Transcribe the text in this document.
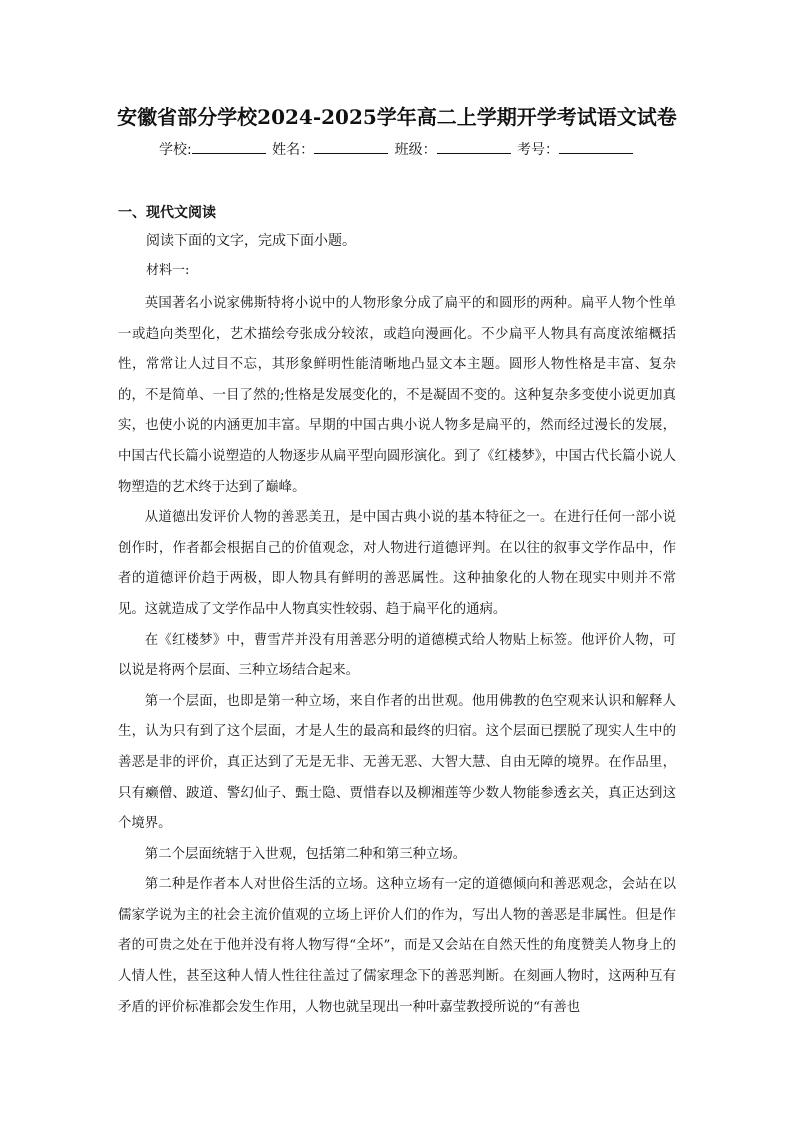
安徽省部分学校2024-2025学年高二上学期开学考试语文试卷
学校:	姓名：	班级：	考号：
一、现代文阅读
阅读下面的文字，完成下面小题。
材料一:

英国著名小说家佛斯特将小说中的人物形象分成了扁平的和圆形的两种。扁平人物个性单一或趋向类型化，艺术描绘夸张成分较浓，或趋向漫画化。不少扁平人物具有高度浓缩概括性，常常让人过目不忘，其形象鲜明性能清晰地凸显文本主题。圆形人物性格是丰富、复杂的，不是简单、一目了然的;性格是发展变化的，不是凝固不变的。这种复杂多变使小说更加真实，也使小说的内涵更加丰富。早期的中国古典小说人物多是扁平的，然而经过漫长的发展，中国古代长篇小说塑造的人物逐步从扁平型向圆形演化。到了《红楼梦》，中国古代长篇小说人物塑造的艺术终于达到了巅峰。

从道德出发评价人物的善恶美丑，是中国古典小说的基本特征之一。在进行任何一部小说创作时，作者都会根据自己的价值观念，对人物进行道德评判。在以往的叙事文学作品中，作者的道德评价趋于两极，即人物具有鲜明的善恶属性。这种抽象化的人物在现实中则并不常见。这就造成了文学作品中人物真实性较弱、趋于扁平化的通病。

在《红楼梦》中，曹雪芹并没有用善恶分明的道德模式给人物贴上标签。他评价人物，可以说是将两个层面、三种立场结合起来。

第一个层面，也即是第一种立场，来自作者的出世观。他用佛教的色空观来认识和解释人生，认为只有到了这个层面，才是人生的最高和最终的归宿。这个层面已摆脱了现实人生中的善恶是非的评价，真正达到了无是无非、无善无恶、大智大慧、自由无障的境界。在作品里，只有癞僧、跛道、警幻仙子、甄士隐、贾惜春以及柳湘莲等少数人物能参透玄关，真正达到这个境界。

第二个层面统辖于入世观，包括第二种和第三种立场。

第二种是作者本人对世俗生活的立场。这种立场有一定的道德倾向和善恶观念，会站在以儒家学说为主的社会主流价值观的立场上评价人们的作为，写出人物的善恶是非属性。但是作者的可贵之处在于他并没有将人物写得“全坏”，而是又会站在自然天性的角度赞美人物身上的人情人性，甚至这种人情人性往往盖过了儒家理念下的善恶判断。在刻画人物时，这两种互有矛盾的评价标准都会发生作用，人物也就呈现出一种叶嘉莹教授所说的“有善也
